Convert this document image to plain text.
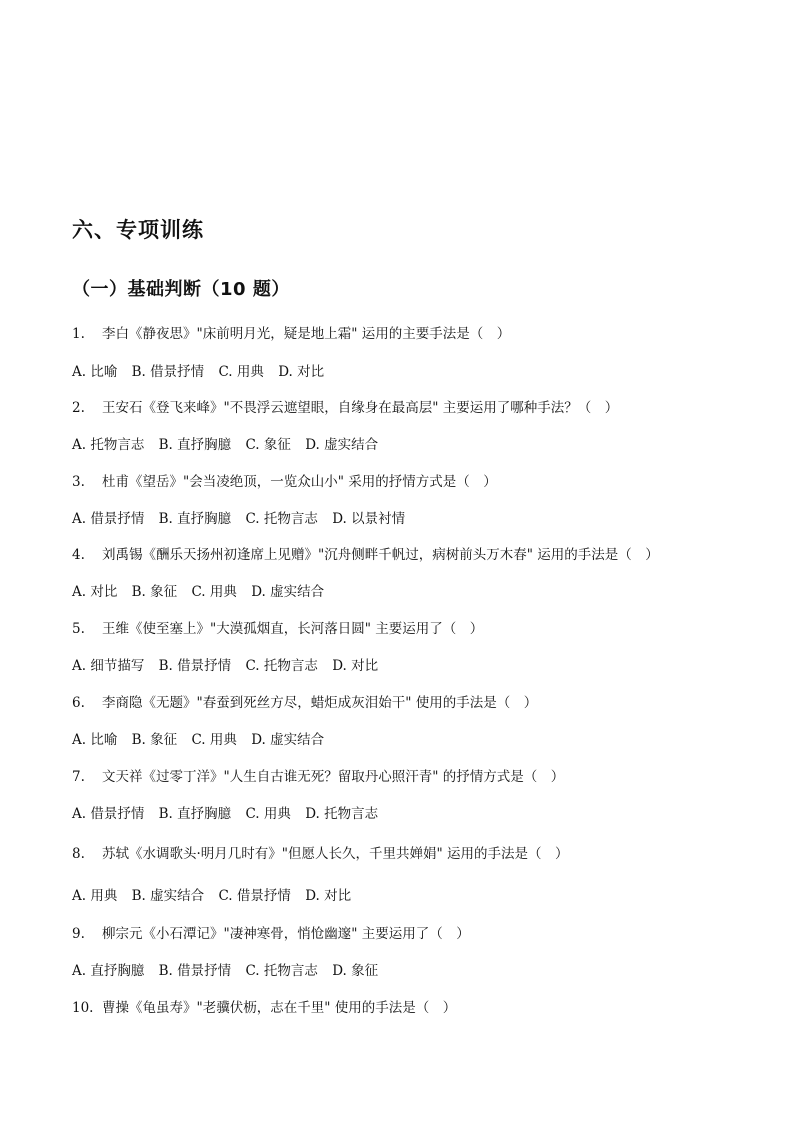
六、专项训练
（一）基础判断（10 题）
1. 李白《静夜思》"床前明月光，疑是地上霜" 运用的主要手法是（　）
A. 比喻 B. 借景抒情 C. 用典 D. 对比
2. 王安石《登飞来峰》"不畏浮云遮望眼，自缘身在最高层" 主要运用了哪种手法？（　）
A. 托物言志 B. 直抒胸臆 C. 象征 D. 虚实结合
3. 杜甫《望岳》"会当凌绝顶，一览众山小" 采用的抒情方式是（　）
A. 借景抒情 B. 直抒胸臆 C. 托物言志 D. 以景衬情
4. 刘禹锡《酬乐天扬州初逢席上见赠》"沉舟侧畔千帆过，病树前头万木春" 运用的手法是（　）
A. 对比 B. 象征 C. 用典 D. 虚实结合
5. 王维《使至塞上》"大漠孤烟直，长河落日圆" 主要运用了（　）
A. 细节描写 B. 借景抒情 C. 托物言志 D. 对比
6. 李商隐《无题》"春蚕到死丝方尽，蜡炬成灰泪始干" 使用的手法是（　）
A. 比喻 B. 象征 C. 用典 D. 虚实结合
7. 文天祥《过零丁洋》"人生自古谁无死？留取丹心照汗青" 的抒情方式是（　）
A. 借景抒情 B. 直抒胸臆 C. 用典 D. 托物言志
8. 苏轼《水调歌头·明月几时有》"但愿人长久，千里共婵娟" 运用的手法是（　）
A. 用典 B. 虚实结合 C. 借景抒情 D. 对比
9. 柳宗元《小石潭记》"凄神寒骨，悄怆幽邃" 主要运用了（　）
A. 直抒胸臆 B. 借景抒情 C. 托物言志 D. 象征
10. 曹操《龟虽寿》"老骥伏枥，志在千里" 使用的手法是（　）
